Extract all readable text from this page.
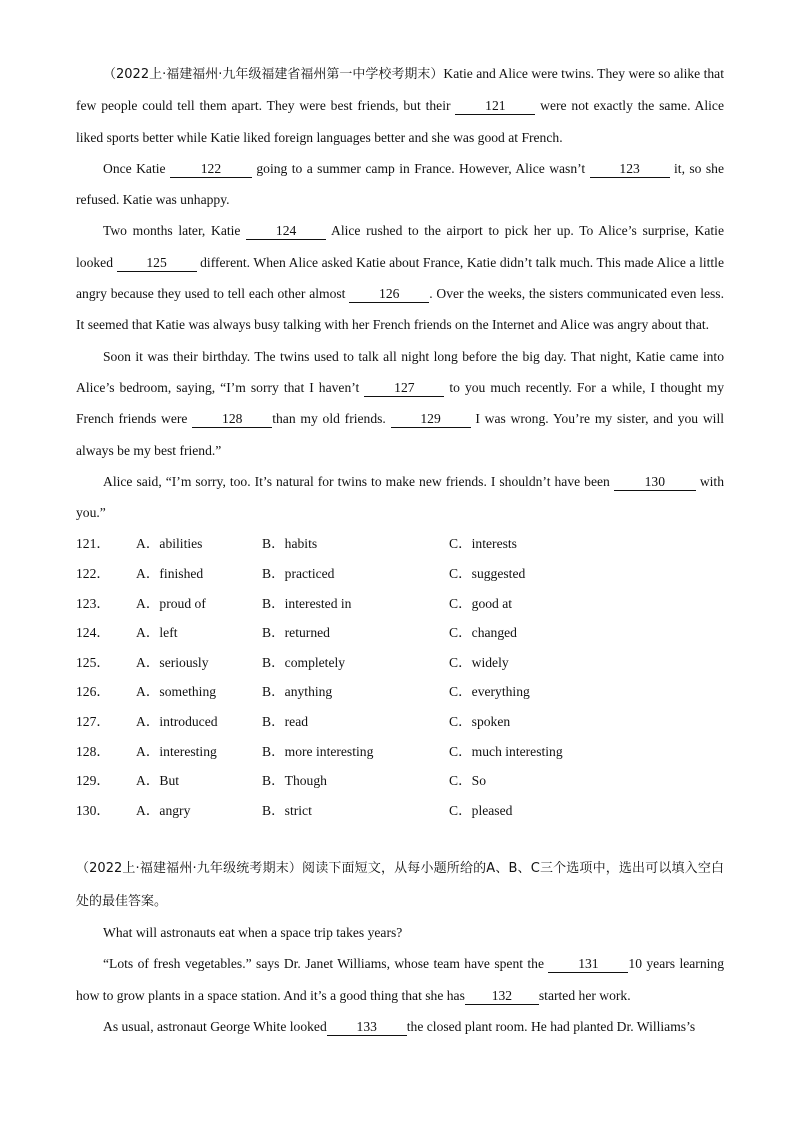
（2022上·福建福州·九年级福建省福州第一中学校考期末）Katie and Alice were twins. They were so alike that few people could tell them apart. They were best friends, but their 121 were not exactly the same. Alice liked sports better while Katie liked foreign languages better and she was good at French.

Once Katie 122 going to a summer camp in France. However, Alice wasn’t 123 it, so she refused. Katie was unhappy.

Two months later, Katie 124 Alice rushed to the airport to pick her up. To Alice’s surprise, Katie looked 125 different. When Alice asked Katie about France, Katie didn’t talk much. This made Alice a little angry because they used to tell each other almost 126 . Over the weeks, the sisters communicated even less. It seemed that Katie was always busy talking with her French friends on the Internet and Alice was angry about that.

Soon it was their birthday. The twins used to talk all night long before the big day. That night, Katie came into Alice’s bedroom, saying, “I’m sorry that I haven’t 127 to you much recently. For a while, I thought my French friends were 128 than my old friends. 129 I was wrong. You’re my sister, and you will always be my best friend.”

Alice said, “I’m sorry, too. It’s natural for twins to make new friends. I shouldn’t have been 130 with you.”

121．	A．abilities	B．habits	C．interests
122．	A．finished	B．practiced	C．suggested
123．	A．proud of	B．interested in	C．good at
124．	A．left	B．returned	C．changed
125．	A．seriously	B．completely	C．widely
126．	A．something	B．anything	C．everything
127．	A．introduced	B．read	C．spoken
128．	A．interesting	B．more interesting	C．much interesting
129．	A．But	B．Though	C．So
130．	A．angry	B．strict	C．pleased

（2022上·福建福州·九年级统考期末）阅读下面短文，从每小题所给的A、B、C三个选项中，选出可以填入空白处的最佳答案。

What will astronauts eat when a space trip takes years?

“Lots of fresh vegetables.” says Dr. Janet Williams, whose team have spent the 131 10 years learning how to grow plants in a space station. And it’s a good thing that she has 132 started her work.

As usual, astronaut George White looked 133 the closed plant room. He had planted Dr. Williams’s
